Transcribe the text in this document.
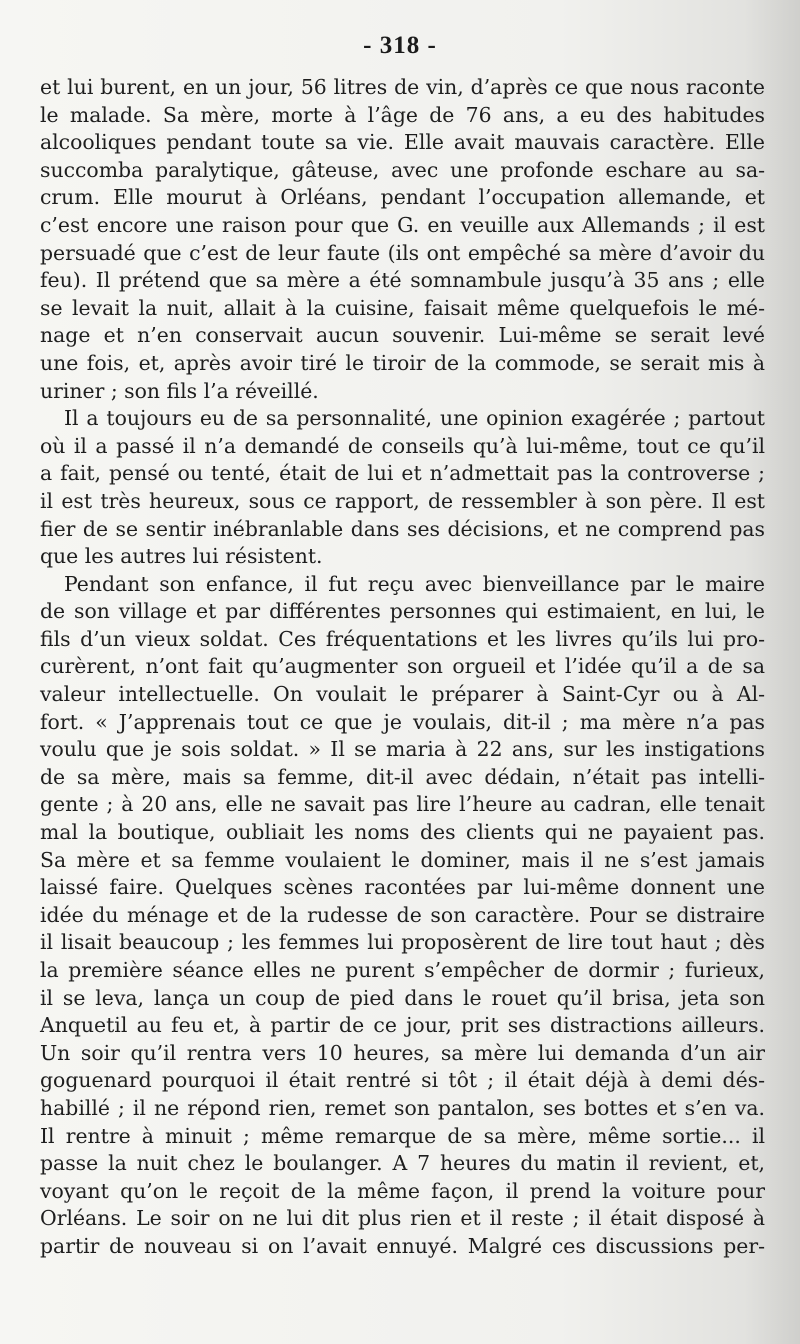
- 318 -
et lui burent, en un jour, 56 litres de vin, d’après ce que nous raconte
le malade. Sa mère, morte à l’âge de 76 ans, a eu des habitudes
alcooliques pendant toute sa vie. Elle avait mauvais caractère. Elle
succomba paralytique, gâteuse, avec une profonde eschare au sa-
crum. Elle mourut à Orléans, pendant l’occupation allemande, et
c’est encore une raison pour que G. en veuille aux Allemands ; il est
persuadé que c’est de leur faute (ils ont empêché sa mère d’avoir du
feu). Il prétend que sa mère a été somnambule jusqu’à 35 ans ; elle
se levait la nuit, allait à la cuisine, faisait même quelquefois le mé-
nage et n’en conservait aucun souvenir. Lui-même se serait levé
une fois, et, après avoir tiré le tiroir de la commode, se serait mis à
uriner ; son fils l’a réveillé.
Il a toujours eu de sa personnalité, une opinion exagérée ; partout
où il a passé il n’a demandé de conseils qu’à lui-même, tout ce qu’il
a fait, pensé ou tenté, était de lui et n’admettait pas la controverse ;
il est très heureux, sous ce rapport, de ressembler à son père. Il est
fier de se sentir inébranlable dans ses décisions, et ne comprend pas
que les autres lui résistent.
Pendant son enfance, il fut reçu avec bienveillance par le maire
de son village et par différentes personnes qui estimaient, en lui, le
fils d’un vieux soldat. Ces fréquentations et les livres qu’ils lui pro-
curèrent, n’ont fait qu’augmenter son orgueil et l’idée qu’il a de sa
valeur intellectuelle. On voulait le préparer à Saint-Cyr ou à Al-
fort. « J’apprenais tout ce que je voulais, dit-il ; ma mère n’a pas
voulu que je sois soldat. » Il se maria à 22 ans, sur les instigations
de sa mère, mais sa femme, dit-il avec dédain, n’était pas intelli-
gente ; à 20 ans, elle ne savait pas lire l’heure au cadran, elle tenait
mal la boutique, oubliait les noms des clients qui ne payaient pas.
Sa mère et sa femme voulaient le dominer, mais il ne s’est jamais
laissé faire. Quelques scènes racontées par lui-même donnent une
idée du ménage et de la rudesse de son caractère. Pour se distraire
il lisait beaucoup ; les femmes lui proposèrent de lire tout haut ; dès
la première séance elles ne purent s’empêcher de dormir ; furieux,
il se leva, lança un coup de pied dans le rouet qu’il brisa, jeta son
Anquetil au feu et, à partir de ce jour, prit ses distractions ailleurs.
Un soir qu’il rentra vers 10 heures, sa mère lui demanda d’un air
goguenard pourquoi il était rentré si tôt ; il était déjà à demi dés-
habillé ; il ne répond rien, remet son pantalon, ses bottes et s’en va.
Il rentre à minuit ; même remarque de sa mère, même sortie... il
passe la nuit chez le boulanger. A 7 heures du matin il revient, et,
voyant qu’on le reçoit de la même façon, il prend la voiture pour
Orléans. Le soir on ne lui dit plus rien et il reste ; il était disposé à
partir de nouveau si on l’avait ennuyé. Malgré ces discussions per-
